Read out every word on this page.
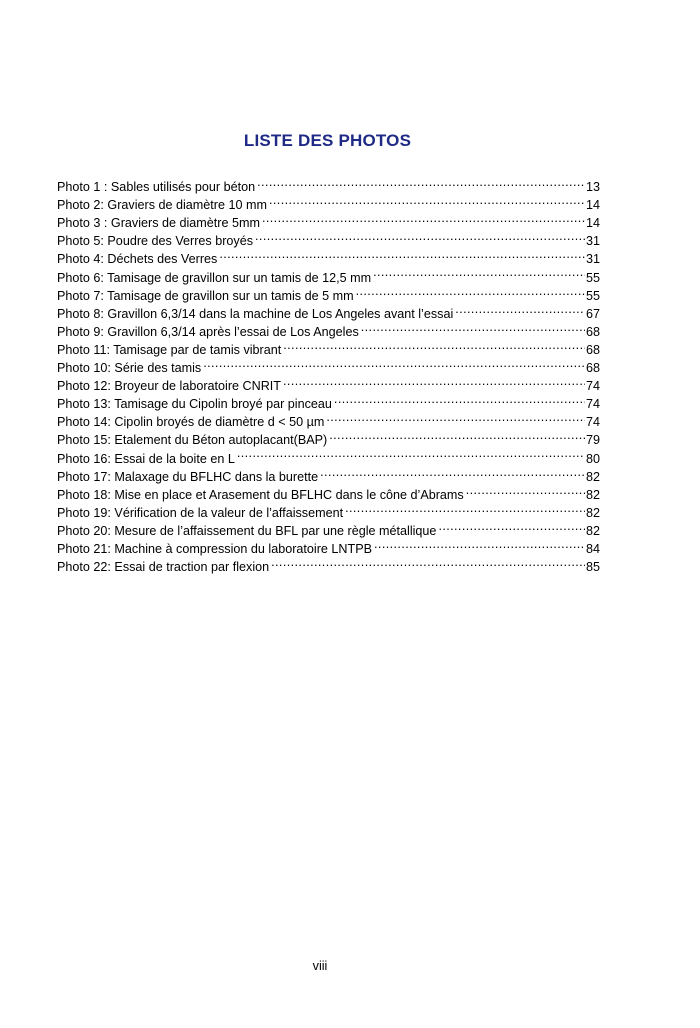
LISTE DES PHOTOS
Photo 1 : Sables utilisés pour béton .....	13
Photo 2: Graviers de diamètre 10 mm .....	14
Photo 3 : Graviers de diamètre 5mm .....	14
Photo 5: Poudre des Verres broyés .....	31
Photo 4: Déchets des Verres .....	31
Photo 6: Tamisage de gravillon sur un tamis de 12,5 mm .....	55
Photo 7: Tamisage de gravillon sur un tamis de 5 mm .....	55
Photo 8: Gravillon 6,3/14 dans la machine de Los Angeles avant l’essai .....	67
Photo 9: Gravillon 6,3/14 après l’essai de Los Angeles .....	68
Photo 11: Tamisage par de tamis vibrant .....	68
Photo 10: Série des tamis .....	68
Photo 12: Broyeur de laboratoire CNRIT .....	74
Photo 13: Tamisage du Cipolin broyé par pinceau .....	74
Photo 14: Cipolin broyés de diamètre d < 50 µm .....	74
Photo 15: Etalement du Béton autoplacant(BAP) .....	79
Photo 16: Essai de la boite en L .....	80
Photo 17: Malaxage du BFLHC dans la burette .....	82
Photo 18: Mise en place et Arasement du BFLHC dans le cône d’Abrams .....	82
Photo 19: Vérification de la valeur de l’affaissement .....	82
Photo 20: Mesure de l’affaissement du BFL par une règle métallique .....	82
Photo 21: Machine à compression du laboratoire LNTPB .....	84
Photo 22: Essai de traction par flexion .....	85
viii
